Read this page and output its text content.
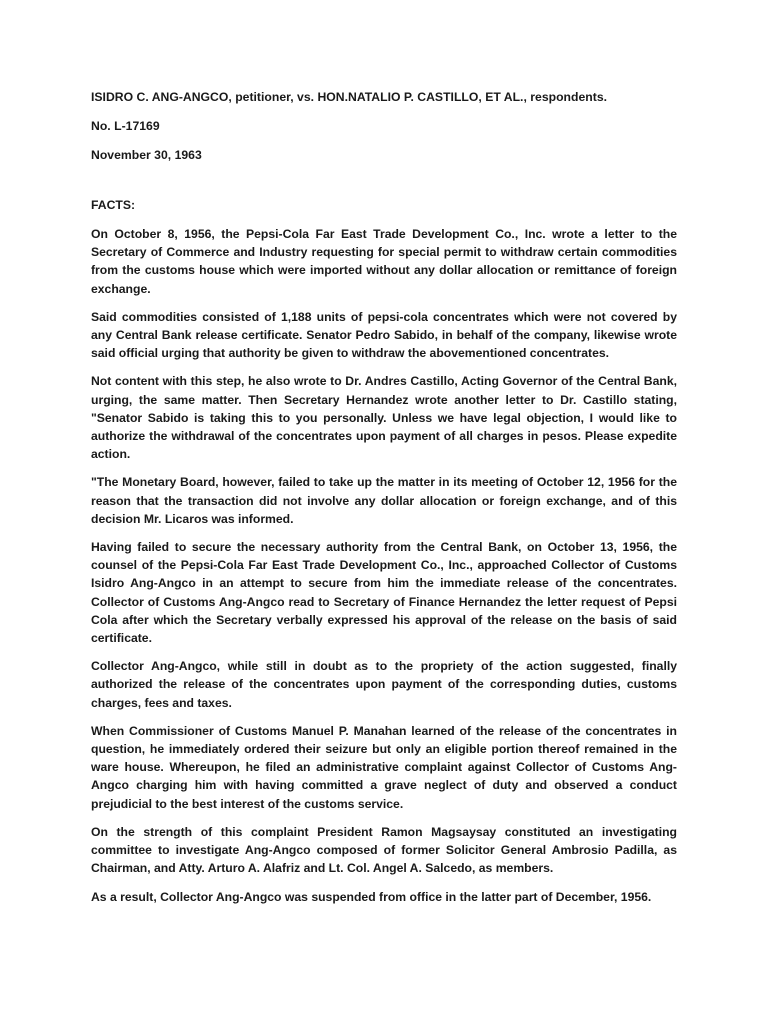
ISIDRO C. ANG-ANGCO, petitioner, vs. HON.NATALIO P. CASTILLO, ET AL., respondents.

No. L-17169

November 30, 1963

FACTS:

On October 8, 1956, the Pepsi-Cola Far East Trade Development Co., Inc. wrote a letter to the Secretary of Commerce and Industry requesting for special permit to withdraw certain commodities from the customs house which were imported without any dollar allocation or remittance of foreign exchange.

Said commodities consisted of 1,188 units of pepsi-cola concentrates which were not covered by any Central Bank release certificate. Senator Pedro Sabido, in behalf of the company, likewise wrote said official urging that authority be given to withdraw the abovementioned concentrates.

Not content with this step, he also wrote to Dr. Andres Castillo, Acting Governor of the Central Bank, urging, the same matter. Then Secretary Hernandez wrote another letter to Dr. Castillo stating, "Senator Sabido is taking this to you personally. Unless we have legal objection, I would like to authorize the withdrawal of the concentrates upon payment of all charges in pesos. Please expedite action.

"The Monetary Board, however, failed to take up the matter in its meeting of October 12, 1956 for the reason that the transaction did not involve any dollar allocation or foreign exchange, and of this decision Mr. Licaros was informed.

Having failed to secure the necessary authority from the Central Bank, on October 13, 1956, the counsel of the Pepsi-Cola Far East Trade Development Co., Inc., approached Collector of Customs Isidro Ang-Angco in an attempt to secure from him the immediate release of the concentrates. Collector of Customs Ang-Angco read to Secretary of Finance Hernandez the letter request of Pepsi Cola after which the Secretary verbally expressed his approval of the release on the basis of said certificate.

Collector Ang-Angco, while still in doubt as to the propriety of the action suggested, finally authorized the release of the concentrates upon payment of the corresponding duties, customs charges, fees and taxes.

When Commissioner of Customs Manuel P. Manahan learned of the release of the concentrates in question, he immediately ordered their seizure but only an eligible portion thereof remained in the ware house. Whereupon, he filed an administrative complaint against Collector of Customs Ang-Angco charging him with having committed a grave neglect of duty and observed a conduct prejudicial to the best interest of the customs service.

On the strength of this complaint President Ramon Magsaysay constituted an investigating committee to investigate Ang-Angco composed of former Solicitor General Ambrosio Padilla, as Chairman, and Atty. Arturo A. Alafriz and Lt. Col. Angel A. Salcedo, as members.

As a result, Collector Ang-Angco was suspended from office in the latter part of December, 1956.
